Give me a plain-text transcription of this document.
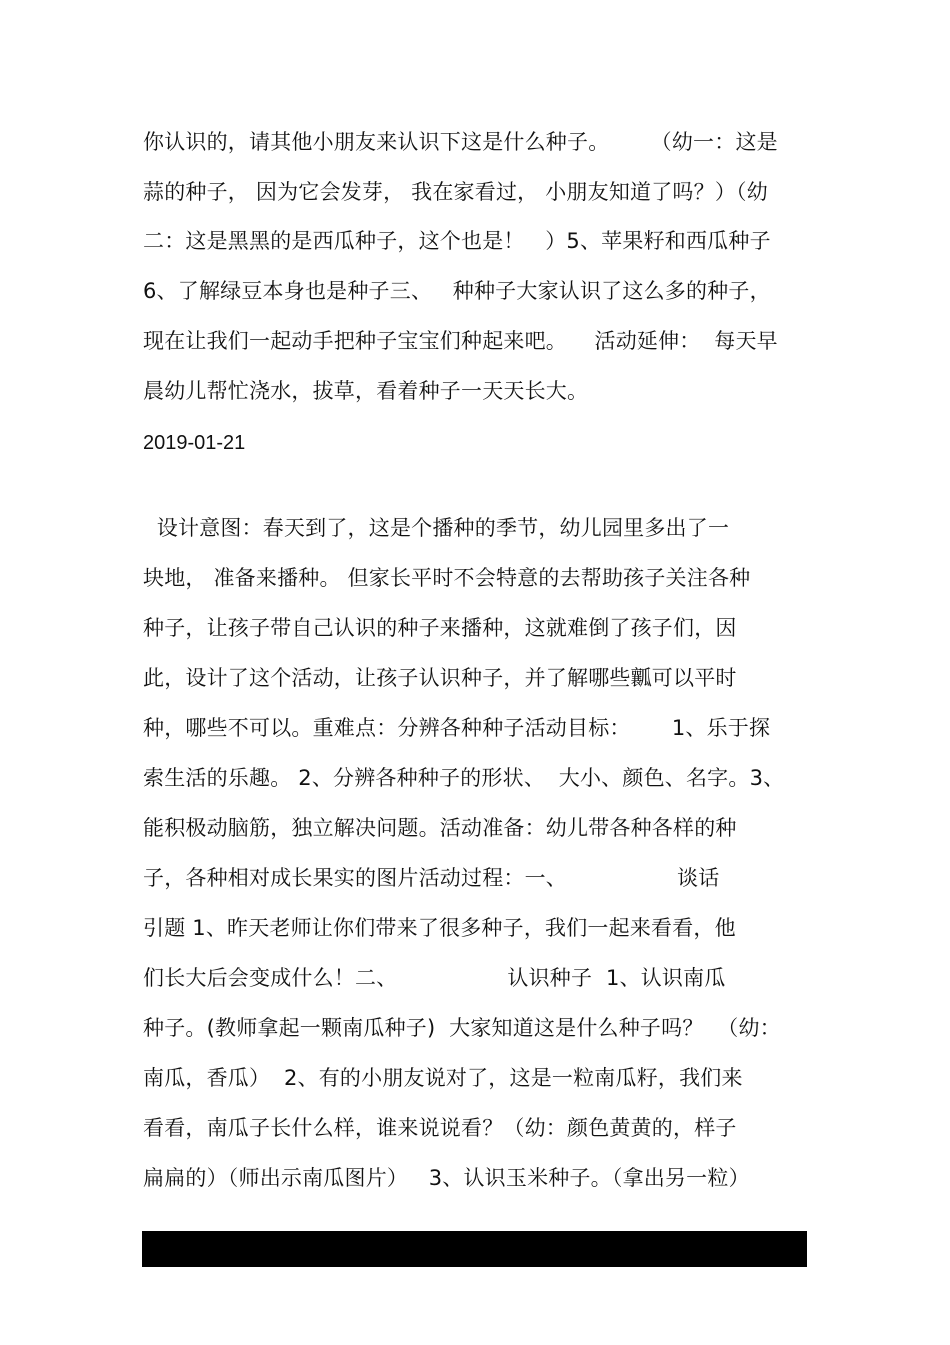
你认识的，请其他小朋友来认识下这是什么种子。      （幼一：这是
蒜的种子， 因为它会发芽， 我在家看过， 小朋友知道了吗？）（幼
二：这是黑黑的是西瓜种子，这个也是！   ）5、苹果籽和西瓜种子
6、了解绿豆本身也是种子三、   种种子大家认识了这么多的种子，
现在让我们一起动手把种子宝宝们种起来吧。    活动延伸：  每天早
晨幼儿帮忙浇水，拔草，看着种子一天天长大。
2019-01-21
设计意图：春天到了，这是个播种的季节，幼儿园里多出了一
块地， 准备来播种。 但家长平时不会特意的去帮助孩子关注各种
种子，让孩子带自己认识的种子来播种，这就难倒了孩子们，因
此，设计了这个活动，让孩子认识种子，并了解哪些瓤可以平时
种，哪些不可以。重难点：分辨各种种子活动目标：      1、乐于探
索生活的乐趣。 2、分辨各种种子的形状、  大小、颜色、名字。3、
能积极动脑筋，独立解决问题。活动准备：幼儿带各种各样的种
子，各种相对成长果实的图片活动过程：一、                谈话
引题 1、昨天老师让你们带来了很多种子，我们一起来看看，他
们长大后会变成什么！二、                认识种子  1、认识南瓜
种子。(教师拿起一颗南瓜种子)  大家知道这是什么种子吗？  （幼：
南瓜，香瓜）  2、有的小朋友说对了，这是一粒南瓜籽，我们来
看看，南瓜子长什么样，谁来说说看？（幼：颜色黄黄的，样子
扁扁的）（师出示南瓜图片）   3、认识玉米种子。（拿出另一粒）
